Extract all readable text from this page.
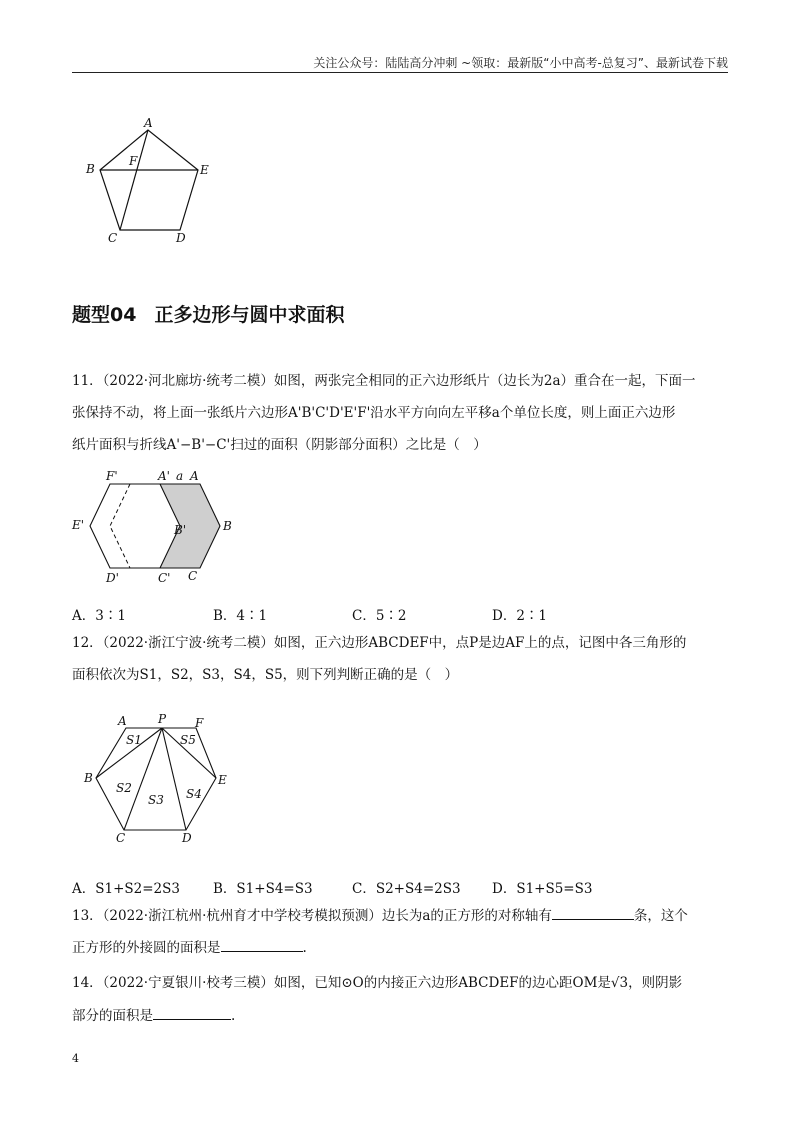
关注公众号：陆陆高分冲刺 ~领取：最新版“小中高考-总复习”、最新试卷下载
A
B	E
F
C	D
题型04 正多边形与圆中求面积
11．（2022·河北廊坊·统考二模）如图，两张完全相同的正六边形纸片（边长为2a）重合在一起，下面一
张保持不动，将上面一张纸片六边形A'B'C'D'E'F'沿水平方向向左平移a个单位长度，则上面正六边形
纸片面积与折线A'−B'−C'扫过的面积（阴影部分面积）之比是（　）
F'	A' a A
E'	B'	B
D'	C' C
A．3∶1	B．4∶1	C．5∶2	D．2∶1
12．（2022·浙江宁波·统考二模）如图，正六边形ABCDEF中，点P是边AF上的点，记图中各三角形的
面积依次为S1，S2，S3，S4，S5，则下列判断正确的是（　）
A	P F
B	E
C	D
S1	S5
S2
S3 S4
A．S1+S2=2S3 B．S1+S4=S3	C．S2+S4=2S3 D．S1+S5=S3
13．（2022·浙江杭州·杭州育才中学校考模拟预测）边长为a的正方形的对称轴有	条，这个
正方形的外接圆的面积是	.
14．（2022·宁夏银川·校考三模）如图，已知⊙O的内接正六边形ABCDEF的边心距OM是√3，则阴影
部分的面积是	.
4
